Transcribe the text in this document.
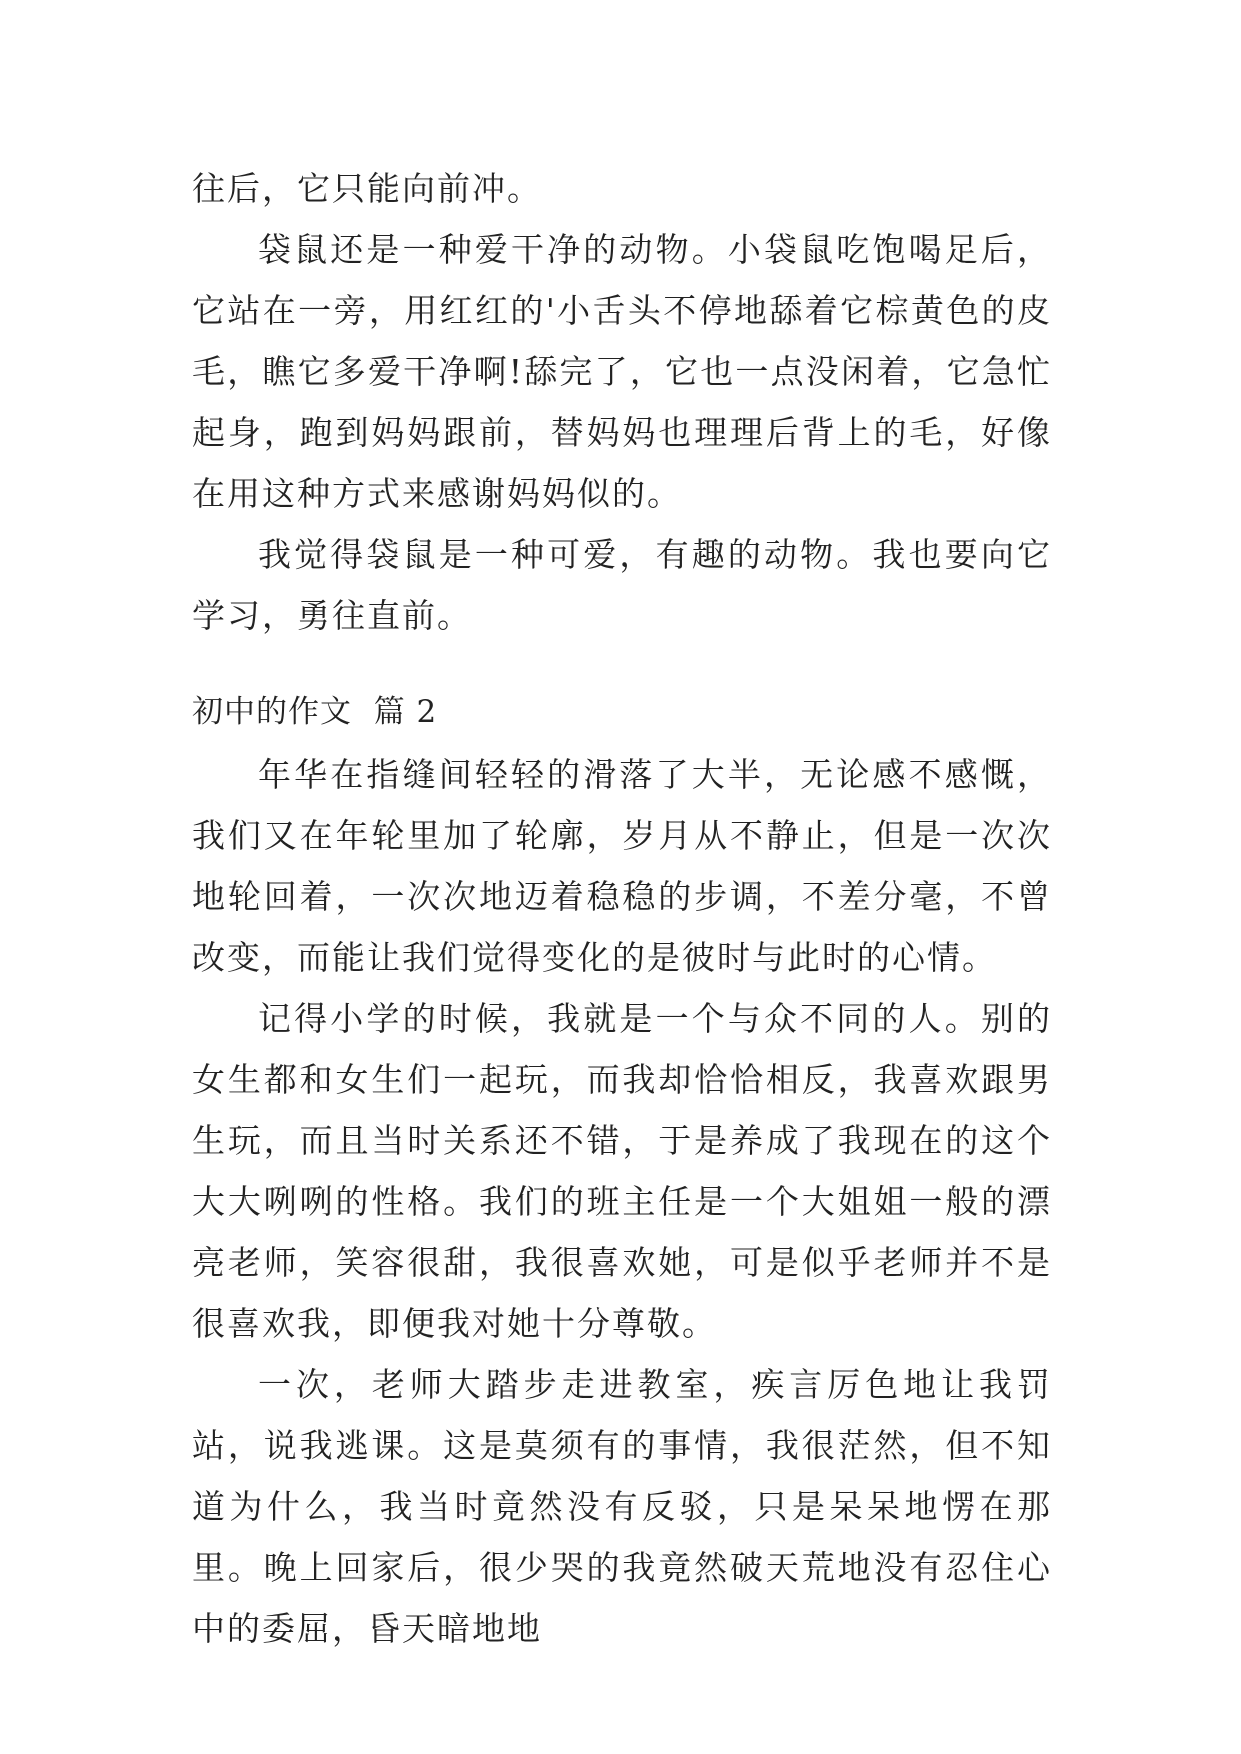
往后，它只能向前冲。

袋鼠还是一种爱干净的动物。小袋鼠吃饱喝足后，它站在一旁，用红红的'小舌头不停地舔着它棕黄色的皮毛，瞧它多爱干净啊!舔完了，它也一点没闲着，它急忙起身，跑到妈妈跟前，替妈妈也理理后背上的毛，好像在用这种方式来感谢妈妈似的。

我觉得袋鼠是一种可爱，有趣的动物。我也要向它学习，勇往直前。

初中的作文  篇 2

年华在指缝间轻轻的滑落了大半，无论感不感慨，我们又在年轮里加了轮廓，岁月从不静止，但是一次次地轮回着，一次次地迈着稳稳的步调，不差分毫，不曾改变，而能让我们觉得变化的是彼时与此时的心情。

记得小学的时候，我就是一个与众不同的人。别的女生都和女生们一起玩，而我却恰恰相反，我喜欢跟男生玩，而且当时关系还不错，于是养成了我现在的这个大大咧咧的性格。我们的班主任是一个大姐姐一般的漂亮老师，笑容很甜，我很喜欢她，可是似乎老师并不是很喜欢我，即便我对她十分尊敬。

一次，老师大踏步走进教室，疾言厉色地让我罚站，说我逃课。这是莫须有的事情，我很茫然，但不知道为什么，我当时竟然没有反驳，只是呆呆地愣在那里。晚上回家后，很少哭的我竟然破天荒地没有忍住心中的委屈，昏天暗地地
